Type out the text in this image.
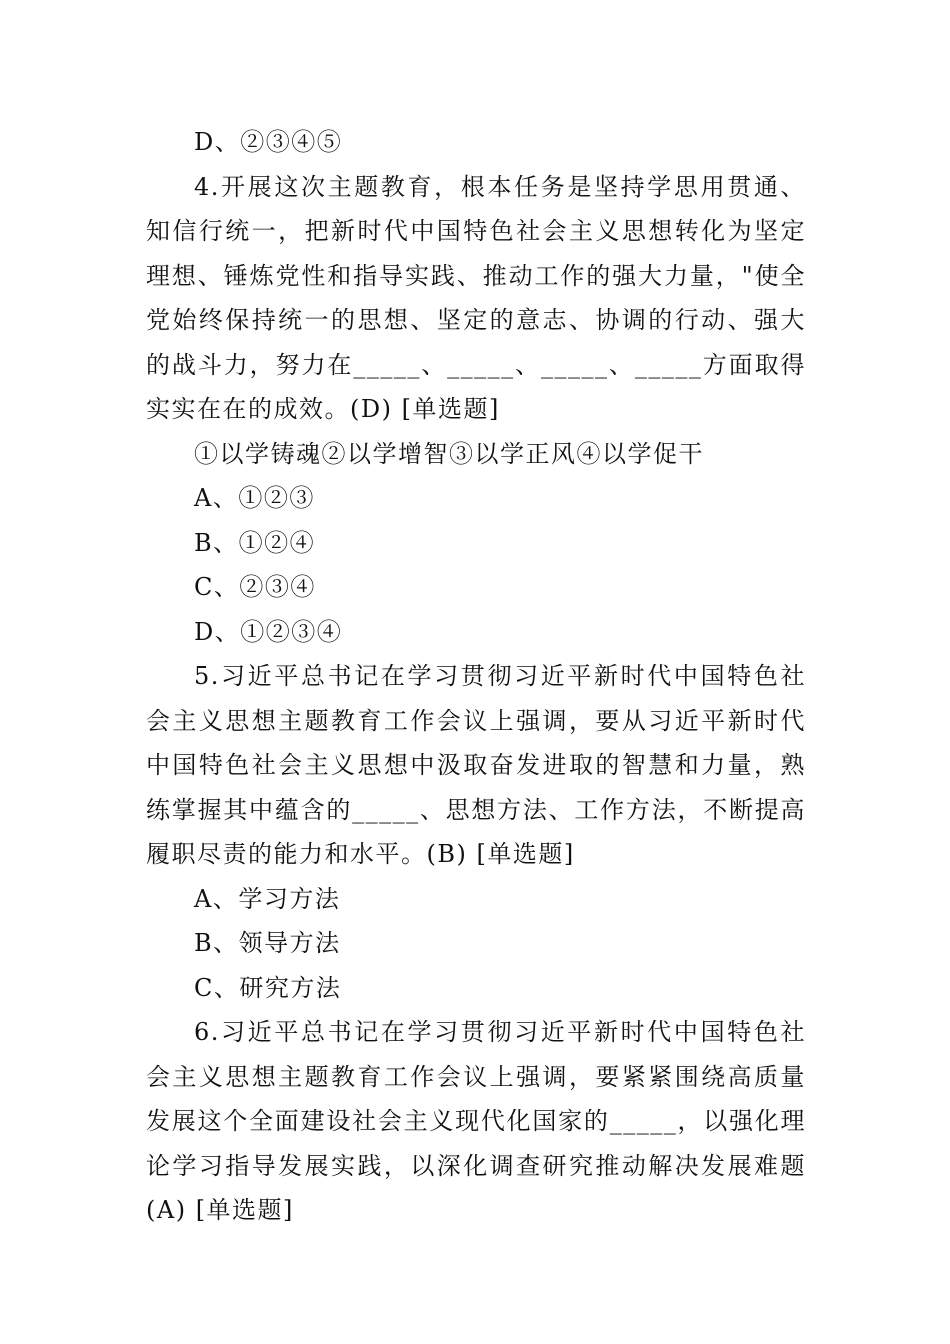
D、②③④⑤

4.开展这次主题教育，根本任务是坚持学思用贯通、知信行统一，把新时代中国特色社会主义思想转化为坚定理想、锤炼党性和指导实践、推动工作的强大力量，"使全党始终保持统一的思想、坚定的意志、协调的行动、强大的战斗力，努力在_____、_____、_____、_____方面取得实实在在的成效。(D) [单选题]

①以学铸魂②以学增智③以学正风④以学促干

A、①②③

B、①②④

C、②③④

D、①②③④

5.习近平总书记在学习贯彻习近平新时代中国特色社会主义思想主题教育工作会议上强调，要从习近平新时代中国特色社会主义思想中汲取奋发进取的智慧和力量，熟练掌握其中蕴含的_____、思想方法、工作方法，不断提高履职尽责的能力和水平。(B) [单选题]

A、学习方法

B、领导方法

C、研究方法

6.习近平总书记在学习贯彻习近平新时代中国特色社会主义思想主题教育工作会议上强调，要紧紧围绕高质量发展这个全面建设社会主义现代化国家的_____，以强化理论学习指导发展实践，以深化调查研究推动解决发展难题(A) [单选题]
